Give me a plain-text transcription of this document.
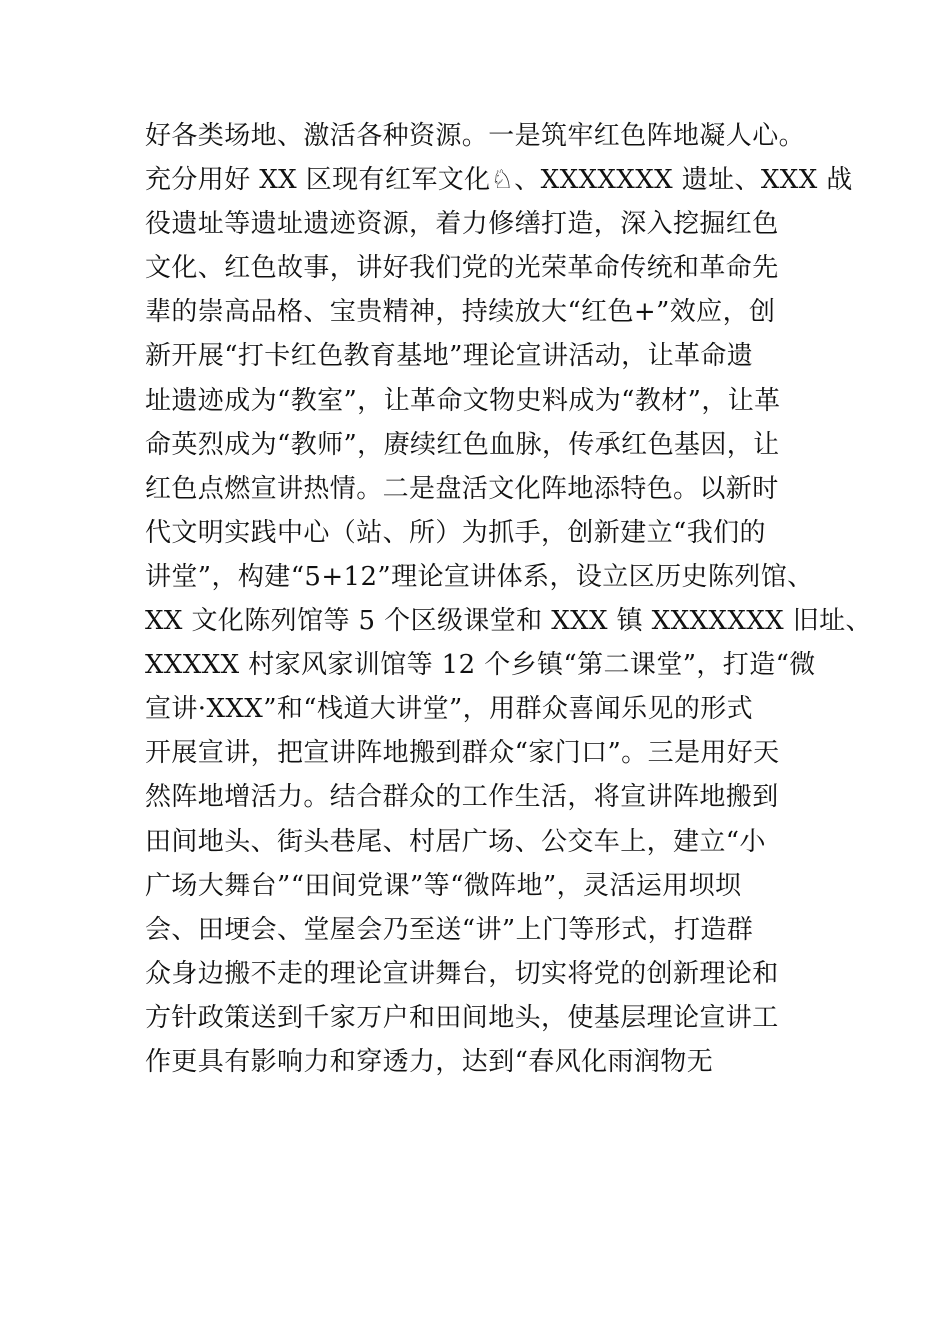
好各类场地、激活各种资源。一是筑牢红色阵地凝人心。
充分用好 XX 区现有红军文化♘、XXXXXXX 遗址、XXX 战
役遗址等遗址遗迹资源，着力修缮打造，深入挖掘红色
文化、红色故事，讲好我们党的光荣革命传统和革命先
辈的崇高品格、宝贵精神，持续放大“红色+”效应，创
新开展“打卡红色教育基地”理论宣讲活动，让革命遗
址遗迹成为“教室”，让革命文物史料成为“教材”，让革
命英烈成为“教师”，赓续红色血脉，传承红色基因，让
红色点燃宣讲热情。二是盘活文化阵地添特色。以新时
代文明实践中心（站、所）为抓手，创新建立“我们的
讲堂”，构建“5+12”理论宣讲体系，设立区历史陈列馆、
XX 文化陈列馆等 5 个区级课堂和 XXX 镇 XXXXXXX 旧址、
XXXXX 村家风家训馆等 12 个乡镇“第二课堂”，打造“微
宣讲·XXX”和“栈道大讲堂”，用群众喜闻乐见的形式
开展宣讲，把宣讲阵地搬到群众“家门口”。三是用好天
然阵地增活力。结合群众的工作生活，将宣讲阵地搬到
田间地头、街头巷尾、村居广场、公交车上，建立“小
广场大舞台”“田间党课”等“微阵地”，灵活运用坝坝
会、田埂会、堂屋会乃至送“讲”上门等形式，打造群
众身边搬不走的理论宣讲舞台，切实将党的创新理论和
方针政策送到千家万户和田间地头，使基层理论宣讲工
作更具有影响力和穿透力，达到“春风化雨润物无
